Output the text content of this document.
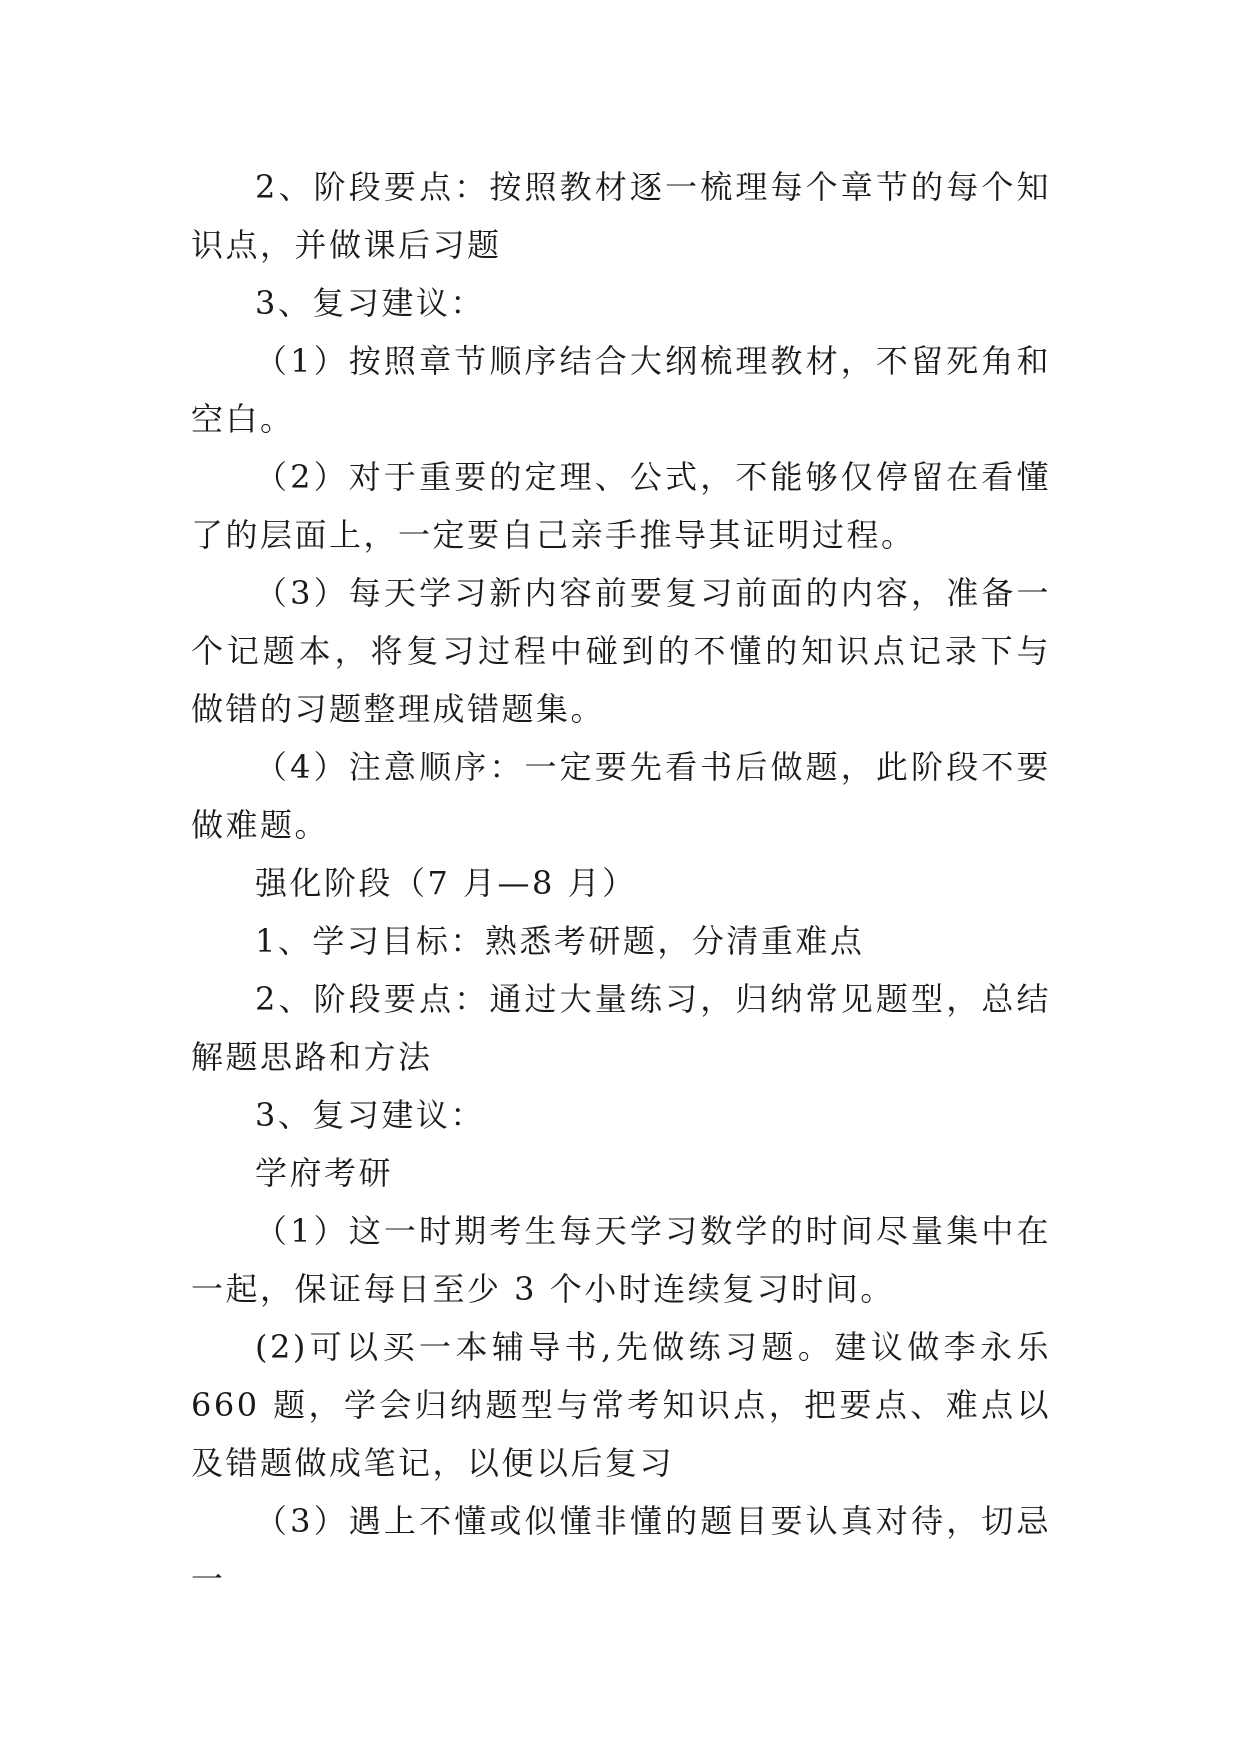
2、阶段要点：按照教材逐一梳理每个章节的每个知识点，并做课后习题

3、复习建议：

（1）按照章节顺序结合大纲梳理教材，不留死角和空白。

（2）对于重要的定理、公式，不能够仅停留在看懂了的层面上，一定要自己亲手推导其证明过程。

（3）每天学习新内容前要复习前面的内容，准备一个记题本，将复习过程中碰到的不懂的知识点记录下与做错的习题整理成错题集。

（4）注意顺序：一定要先看书后做题，此阶段不要做难题。

强化阶段（7 月—8 月）

1、学习目标：熟悉考研题，分清重难点

2、阶段要点：通过大量练习，归纳常见题型，总结解题思路和方法

3、复习建议：

学府考研

（1）这一时期考生每天学习数学的时间尽量集中在一起，保证每日至少 3 个小时连续复习时间。

(2)可以买一本辅导书,先做练习题。建议做李永乐 660 题，学会归纳题型与常考知识点，把要点、难点以及错题做成笔记，以便以后复习

（3）遇上不懂或似懂非懂的题目要认真对待，切忌一
